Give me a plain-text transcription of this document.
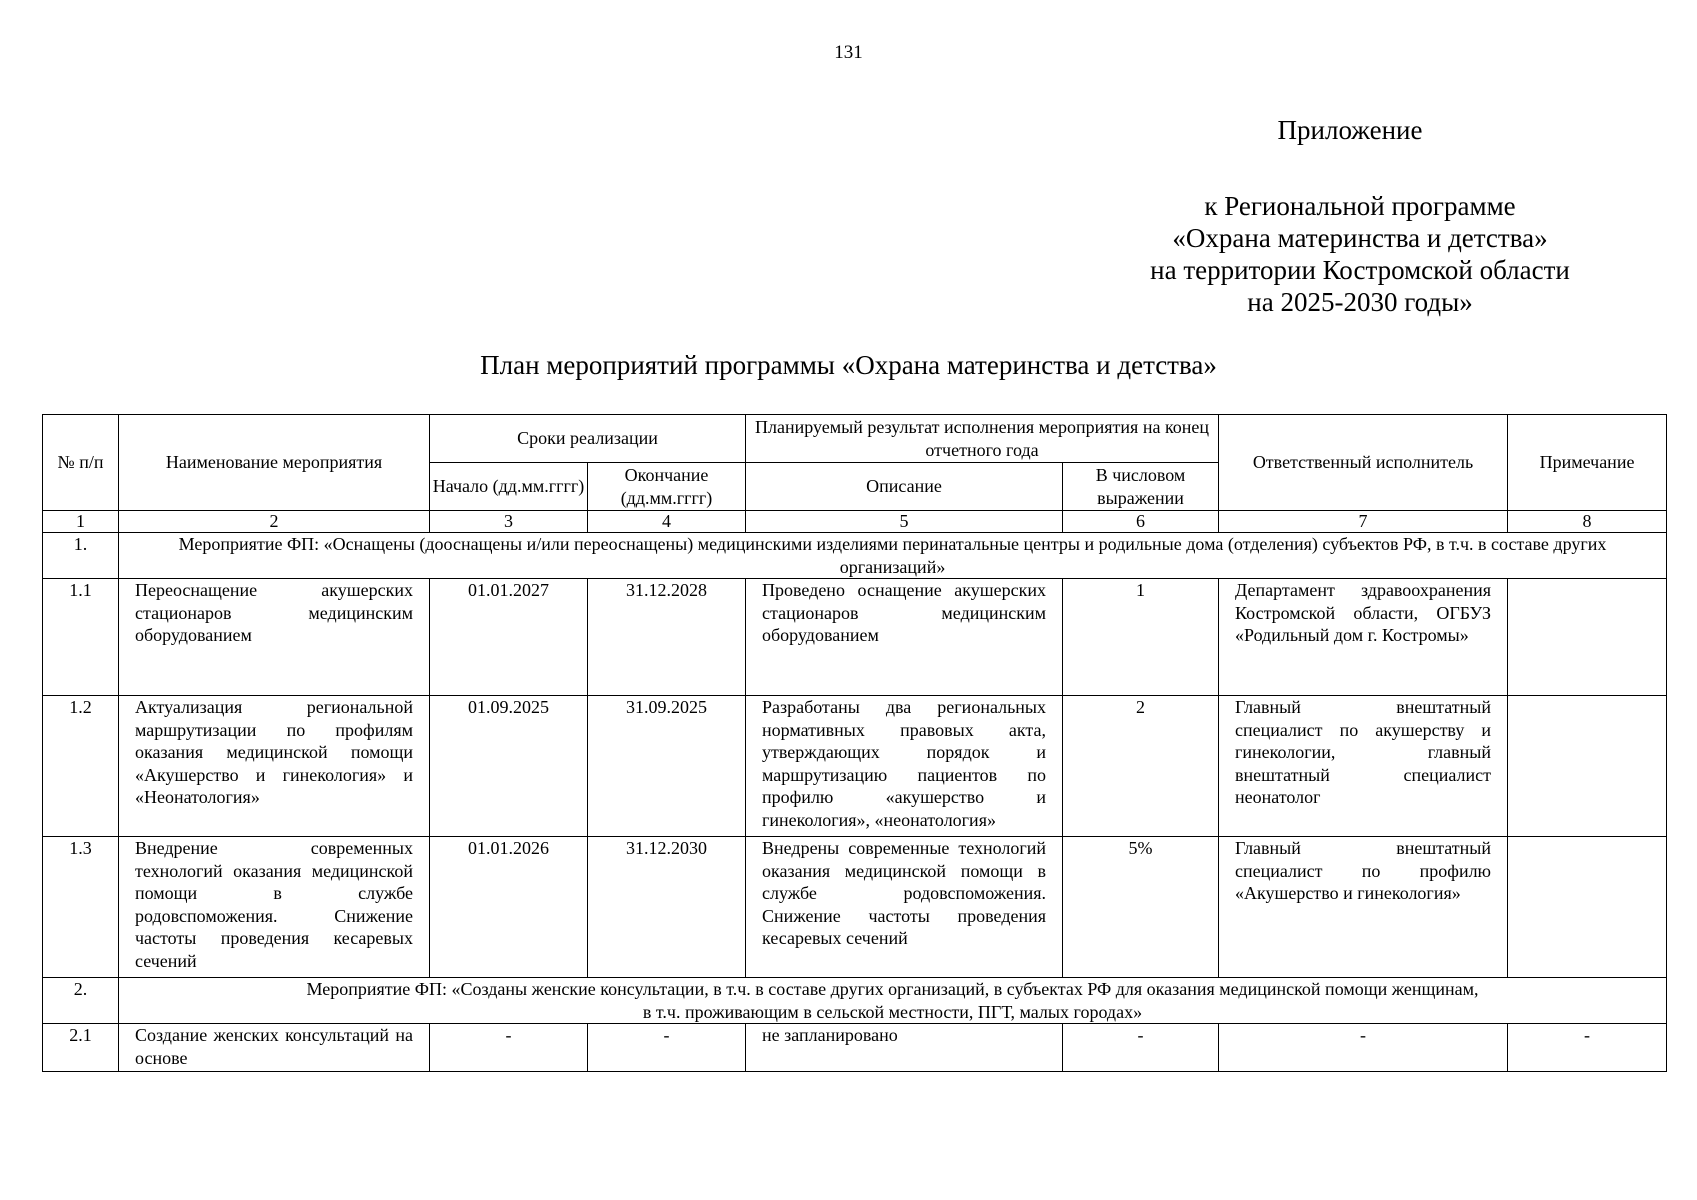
131
Приложение
к Региональной программе
«Охрана материнства и детства»
на территории Костромской области
на 2025-2030 годы»
План мероприятий программы «Охрана материнства и детства»
№ п/п	Наименование мероприятия	Сроки реализации		Планируемый результат исполнения мероприятия на конец отчетного года		Ответственный исполнитель	Примечание
		Начало (дд.мм.гггг)	Окончание (дд.мм.гггг)	Описание	В числовом выражении		
1	2	3	4	5	6	7	8
1.	Мероприятие ФП: «Оснащены (дооснащены и/или переоснащены) медицинскими изделиями перинатальные центры и родильные дома (отделения) субъектов РФ, в т.ч. в составе других организаций»						
1.1	Переоснащение акушерских стационаров медицинским оборудованием	01.01.2027	31.12.2028	Проведено оснащение акушерских стационаров медицинским оборудованием	1	Департамент здравоохранения Костромской области, ОГБУЗ «Родильный дом г. Костромы»	
1.2	Актуализация региональной маршрутизации по профилям оказания медицинской помощи «Акушерство и гинекология» и «Неонатология»	01.09.2025	31.09.2025	Разработаны два региональных нормативных правовых акта, утверждающих порядок и маршрутизацию пациентов по профилю «акушерство и гинекология», «неонатология»	2	Главный внештатный специалист по акушерству и гинекологии, главный внештатный специалист неонатолог	
1.3	Внедрение современных технологий оказания медицинской помощи в службе родовспоможения. Снижение частоты проведения кесаревых сечений	01.01.2026	31.12.2030	Внедрены современные технологий оказания медицинской помощи в службе родовспоможения. Снижение частоты проведения кесаревых сечений	5%	Главный внештатный специалист по профилю «Акушерство и гинекология»	
2.	Мероприятие ФП: «Созданы женские консультации, в т.ч. в составе других организаций, в субъектах РФ для оказания медицинской помощи женщинам,
в т.ч. проживающим в сельской местности, ПГТ, малых городах»						

2.1	Создание женских консультаций на основе	-	-	не запланировано	-	-	-
